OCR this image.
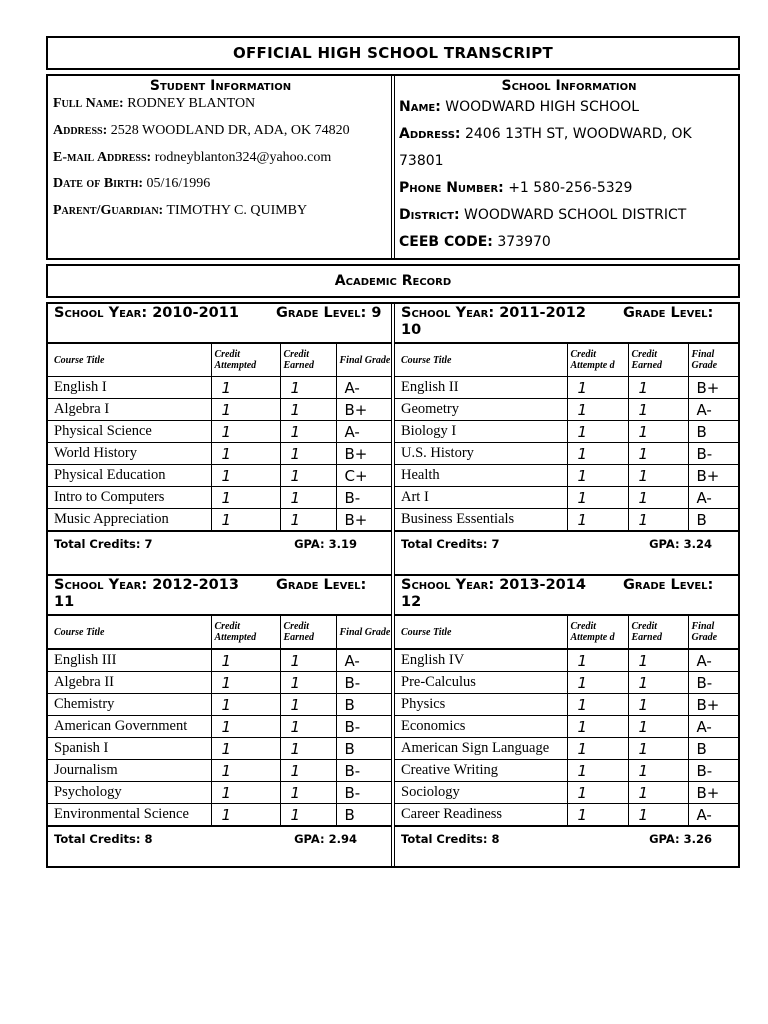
OFFICIAL HIGH SCHOOL TRANSCRIPT
Student Information
Full Name: RODNEY BLANTON
Address: 2528 WOODLAND DR, ADA, OK 74820
E-mail Address: rodneyblanton324@yahoo.com
Date of Birth: 05/16/1996
Parent/Guardian: TIMOTHY C. QUIMBY
School Information
Name: WOODWARD HIGH SCHOOL
Address: 2406 13TH ST, WOODWARD, OK 73801
Phone Number: +1 580-256-5329
District: WOODWARD SCHOOL DISTRICT
CEEB CODE: 373970
Academic Record
School Year: 2010-2011	Grade Level: 9
Course Title	Credit Attempted	Credit Earned	Final Grade
English I	1	1	A-
Algebra I	1	1	B+
Physical Science	1	1	A-
World History	1	1	B+
Physical Education	1	1	C+
Intro to Computers	1	1	B-
Music Appreciation	1	1	B+
Total Credits: 7	GPA: 3.19
School Year: 2011-2012	Grade Level: 10
Course Title	Credit Attempte d	Credit Earned	Final Grade
English II	1	1	B+
Geometry	1	1	A-
Biology I	1	1	B
U.S. History	1	1	B-
Health	1	1	B+
Art I	1	1	A-
Business Essentials	1	1	B
Total Credits: 7	GPA: 3.24
School Year: 2012-2013	Grade Level: 11
Course Title	Credit Attempted	Credit Earned	Final Grade
English III	1	1	A-
Algebra II	1	1	B-
Chemistry	1	1	B
American Government	1	1	B-
Spanish I	1	1	B
Journalism	1	1	B-
Psychology	1	1	B-
Environmental Science	1	1	B
Total Credits: 8	GPA: 2.94
School Year: 2013-2014	Grade Level: 12
Course Title	Credit Attempte d	Credit Earned	Final Grade
English IV	1	1	A-
Pre-Calculus	1	1	B-
Physics	1	1	B+
Economics	1	1	A-
American Sign Language	1	1	B
Creative Writing	1	1	B-
Sociology	1	1	B+
Career Readiness	1	1	A-
Total Credits: 8	GPA: 3.26
